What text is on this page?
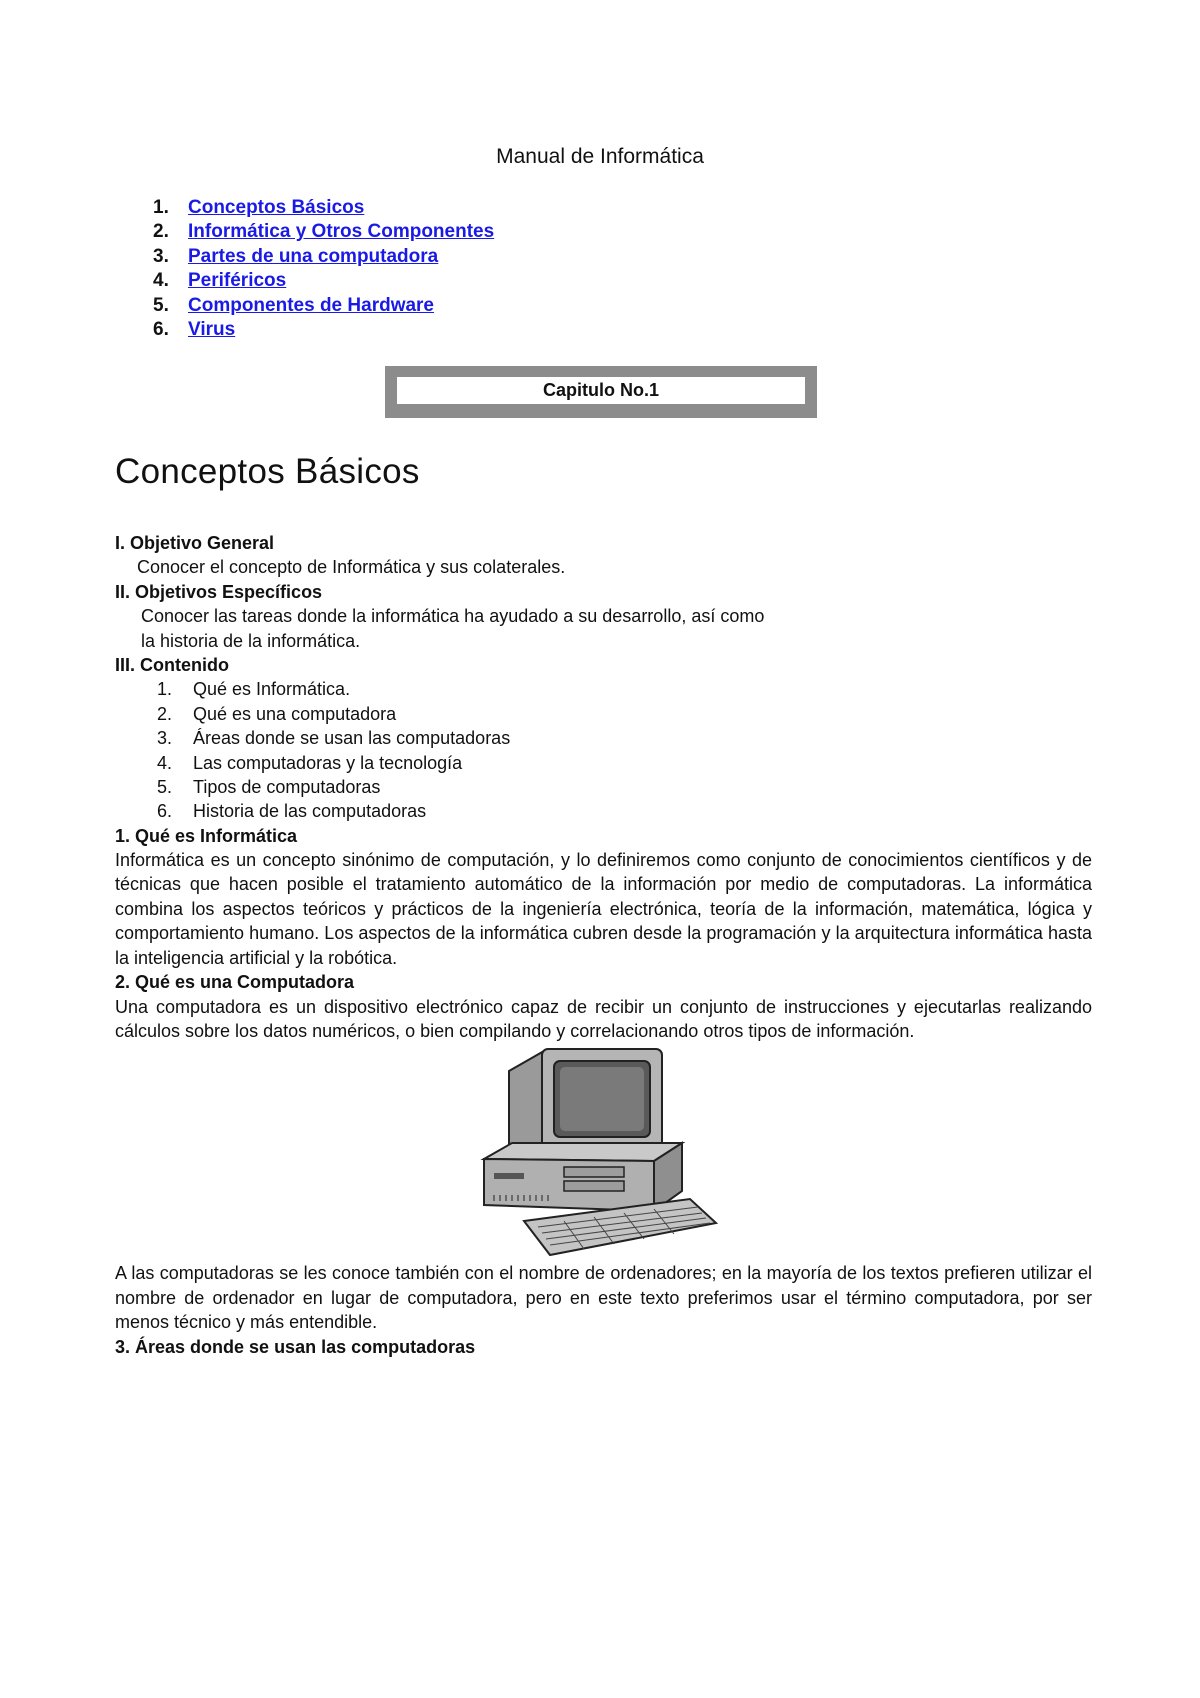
Manual de Informática
1.	Conceptos Básicos
2.	Informática y Otros Componentes
3.	Partes de una computadora
4.	Periféricos
5.	Componentes de Hardware
6.	Virus
Capitulo No.1
Conceptos Básicos
I. Objetivo General
Conocer el concepto de Informática y sus colaterales.
II. Objetivos Específicos
Conocer las tareas donde la informática ha ayudado a su desarrollo, así como
la historia de la informática.
III. Contenido
1.	Qué es Informática.
2.	Qué es una computadora
3.	Áreas donde se usan las computadoras
4.	Las computadoras y la tecnología
5.	Tipos de computadoras
6.	Historia de las computadoras
1. Qué es Informática
Informática es un concepto sinónimo de computación, y lo definiremos como conjunto de conocimientos científicos y de técnicas que hacen posible el tratamiento automático de la información por medio de computadoras. La informática combina los aspectos teóricos y prácticos de la ingeniería electrónica, teoría de la información, matemática, lógica y comportamiento humano. Los aspectos de la informática cubren desde la programación y la arquitectura informática hasta la inteligencia artificial y la robótica.
2. Qué es una Computadora
Una computadora es un dispositivo electrónico capaz de recibir un conjunto de instrucciones y ejecutarlas realizando cálculos sobre los datos numéricos, o bien compilando y correlacionando otros tipos de información.
A las computadoras se les conoce también con el nombre de ordenadores; en la mayoría de los textos prefieren utilizar el nombre de ordenador en lugar de computadora, pero en este texto preferimos usar el término computadora, por ser menos técnico y más entendible.
3. Áreas donde se usan las computadoras
